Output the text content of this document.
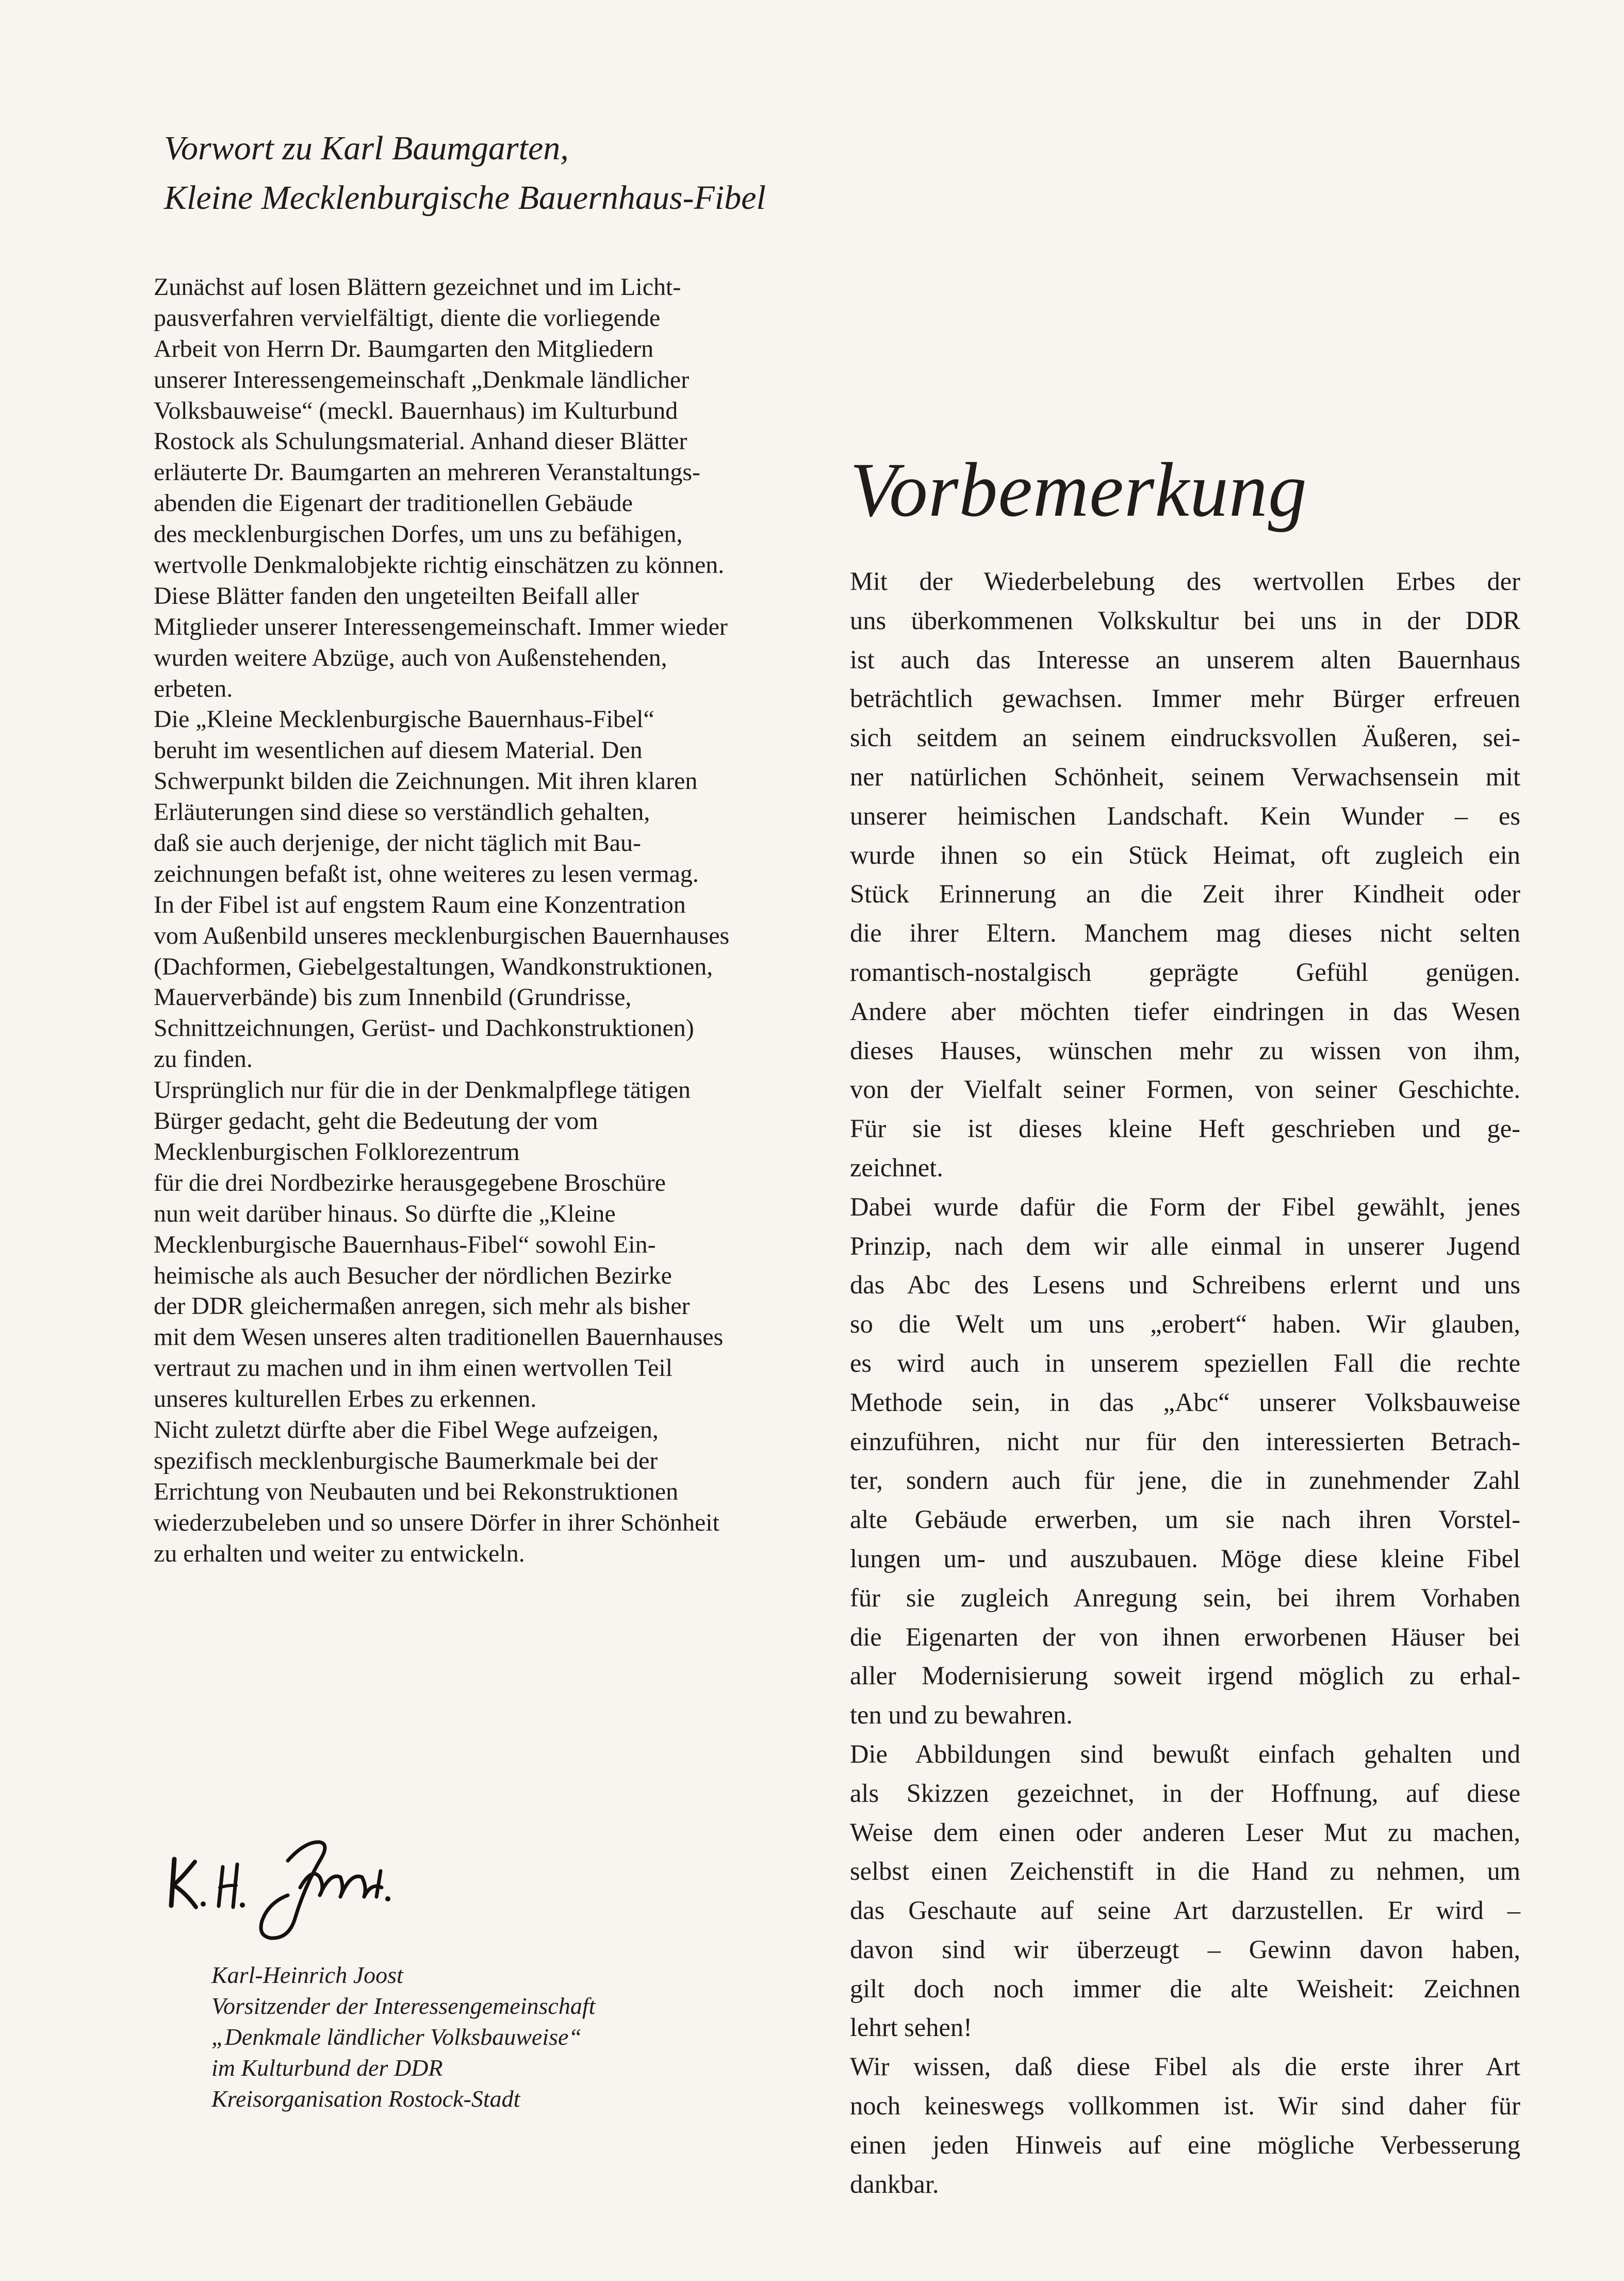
Vorwort zu Karl Baumgarten,
Kleine Mecklenburgische Bauernhaus-Fibel
Zunächst auf losen Blättern gezeichnet und im Licht-
pausverfahren vervielfältigt, diente die vorliegende
Arbeit von Herrn Dr. Baumgarten den Mitgliedern
unserer Interessengemeinschaft „Denkmale ländlicher
Volksbauweise“ (meckl. Bauernhaus) im Kulturbund
Rostock als Schulungsmaterial. Anhand dieser Blätter
erläuterte Dr. Baumgarten an mehreren Veranstaltungs-
abenden die Eigenart der traditionellen Gebäude
des mecklenburgischen Dorfes, um uns zu befähigen,
wertvolle Denkmalobjekte richtig einschätzen zu können.
Diese Blätter fanden den ungeteilten Beifall aller
Mitglieder unserer Interessengemeinschaft. Immer wieder
wurden weitere Abzüge, auch von Außenstehenden,
erbeten.
Die „Kleine Mecklenburgische Bauernhaus-Fibel“
beruht im wesentlichen auf diesem Material. Den
Schwerpunkt bilden die Zeichnungen. Mit ihren klaren
Erläuterungen sind diese so verständlich gehalten,
daß sie auch derjenige, der nicht täglich mit Bau-
zeichnungen befaßt ist, ohne weiteres zu lesen vermag.
In der Fibel ist auf engstem Raum eine Konzentration
vom Außenbild unseres mecklenburgischen Bauernhauses
(Dachformen, Giebelgestaltungen, Wandkonstruktionen,
Mauerverbände) bis zum Innenbild (Grundrisse,
Schnittzeichnungen, Gerüst- und Dachkonstruktionen)
zu finden.
Ursprünglich nur für die in der Denkmalpflege tätigen
Bürger gedacht, geht die Bedeutung der vom
Mecklenburgischen Folklorezentrum
für die drei Nordbezirke herausgegebene Broschüre
nun weit darüber hinaus. So dürfte die „Kleine
Mecklenburgische Bauernhaus-Fibel“ sowohl Ein-
heimische als auch Besucher der nördlichen Bezirke
der DDR gleichermaßen anregen, sich mehr als bisher
mit dem Wesen unseres alten traditionellen Bauernhauses
vertraut zu machen und in ihm einen wertvollen Teil
unseres kulturellen Erbes zu erkennen.
Nicht zuletzt dürfte aber die Fibel Wege aufzeigen,
spezifisch mecklenburgische Baumerkmale bei der
Errichtung von Neubauten und bei Rekonstruktionen
wiederzubeleben und so unsere Dörfer in ihrer Schönheit
zu erhalten und weiter zu entwickeln.
Karl-Heinrich Joost
Vorsitzender der Interessengemeinschaft
„Denkmale ländlicher Volksbauweise“
im Kulturbund der DDR
Kreisorganisation Rostock-Stadt
Vorbemerkung
Mit der Wiederbelebung des wertvollen Erbes der
uns überkommenen Volkskultur bei uns in der DDR
ist auch das Interesse an unserem alten Bauernhaus
beträchtlich gewachsen. Immer mehr Bürger erfreuen
sich seitdem an seinem eindrucksvollen Äußeren, sei-
ner natürlichen Schönheit, seinem Verwachsensein mit
unserer heimischen Landschaft. Kein Wunder – es
wurde ihnen so ein Stück Heimat, oft zugleich ein
Stück Erinnerung an die Zeit ihrer Kindheit oder
die ihrer Eltern. Manchem mag dieses nicht selten
romantisch-nostalgisch geprägte Gefühl genügen.
Andere aber möchten tiefer eindringen in das Wesen
dieses Hauses, wünschen mehr zu wissen von ihm,
von der Vielfalt seiner Formen, von seiner Geschichte.
Für sie ist dieses kleine Heft geschrieben und ge-
zeichnet.
Dabei wurde dafür die Form der Fibel gewählt, jenes
Prinzip, nach dem wir alle einmal in unserer Jugend
das Abc des Lesens und Schreibens erlernt und uns
so die Welt um uns „erobert“ haben. Wir glauben,
es wird auch in unserem speziellen Fall die rechte
Methode sein, in das „Abc“ unserer Volksbauweise
einzuführen, nicht nur für den interessierten Betrach-
ter, sondern auch für jene, die in zunehmender Zahl
alte Gebäude erwerben, um sie nach ihren Vorstel-
lungen um- und auszubauen. Möge diese kleine Fibel
für sie zugleich Anregung sein, bei ihrem Vorhaben
die Eigenarten der von ihnen erworbenen Häuser bei
aller Modernisierung soweit irgend möglich zu erhal-
ten und zu bewahren.
Die Abbildungen sind bewußt einfach gehalten und
als Skizzen gezeichnet, in der Hoffnung, auf diese
Weise dem einen oder anderen Leser Mut zu machen,
selbst einen Zeichenstift in die Hand zu nehmen, um
das Geschaute auf seine Art darzustellen. Er wird –
davon sind wir überzeugt – Gewinn davon haben,
gilt doch noch immer die alte Weisheit: Zeichnen
lehrt sehen!
Wir wissen, daß diese Fibel als die erste ihrer Art
noch keineswegs vollkommen ist. Wir sind daher für
einen jeden Hinweis auf eine mögliche Verbesserung
dankbar.
